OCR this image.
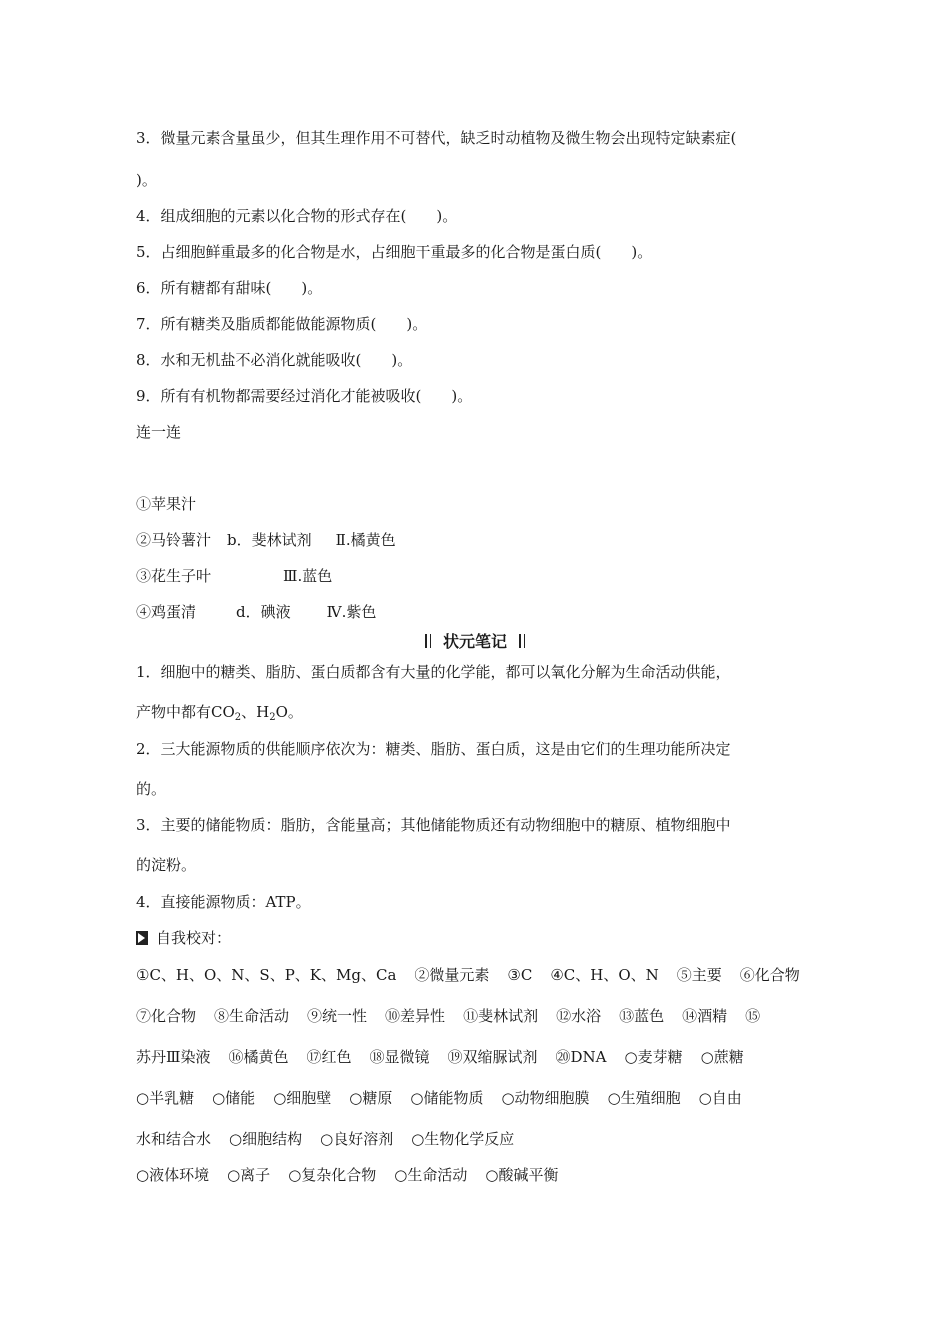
3．微量元素含量虽少，但其生理作用不可替代，缺乏时动植物及微生物会出现特定缺素症(
)。
4．组成细胞的元素以化合物的形式存在(　　)。
5．占细胞鲜重最多的化合物是水，占细胞干重最多的化合物是蛋白质(　　)。
6．所有糖都有甜味(　　)。
7．所有糖类及脂质都能做能源物质(　　)。
8．水和无机盐不必消化就能吸收(　　)。
9．所有有机物都需要经过消化才能被吸收(　　)。
连一连
①苹果汁
②马铃薯汁 b．斐林试剂 Ⅱ.橘黄色
③花生子叶	Ⅲ.蓝色
④鸡蛋清	d．碘液 Ⅳ.紫色
状元笔记
1．细胞中的糖类、脂肪、蛋白质都含有大量的化学能，都可以氧化分解为生命活动供能，
产物中都有$CO_2$、$H_2O$。
2．三大能源物质的供能顺序依次为：糖类、脂肪、蛋白质，这是由它们的生理功能所决定
的。
3．主要的储能物质：脂肪，含能量高；其他储能物质还有动物细胞中的糖原、植物细胞中
的淀粉。
4．直接能源物质：ATP。
自我校对：
①C、H、O、N、S、P、K、Mg、Ca ②微量元素 ③C ④C、H、O、N ⑤主要 ⑥化合物
⑦化合物 ⑧生命活动 ⑨统一性 ⑩差异性 ⑪斐林试剂 ⑫水浴 ⑬蓝色 ⑭酒精 ⑮
苏丹Ⅲ染液 ⑯橘黄色 ⑰红色 ⑱显微镜 ⑲双缩脲试剂 ⑳DNA ○麦芽糖 ○蔗糖
○半乳糖 ○储能 ○细胞壁 ○糖原 ○储能物质 ○动物细胞膜 ○生殖细胞 ○自由
水和结合水 ○细胞结构 ○良好溶剂 ○生物化学反应
○液体环境 ○离子 ○复杂化合物 ○生命活动 ○酸碱平衡
